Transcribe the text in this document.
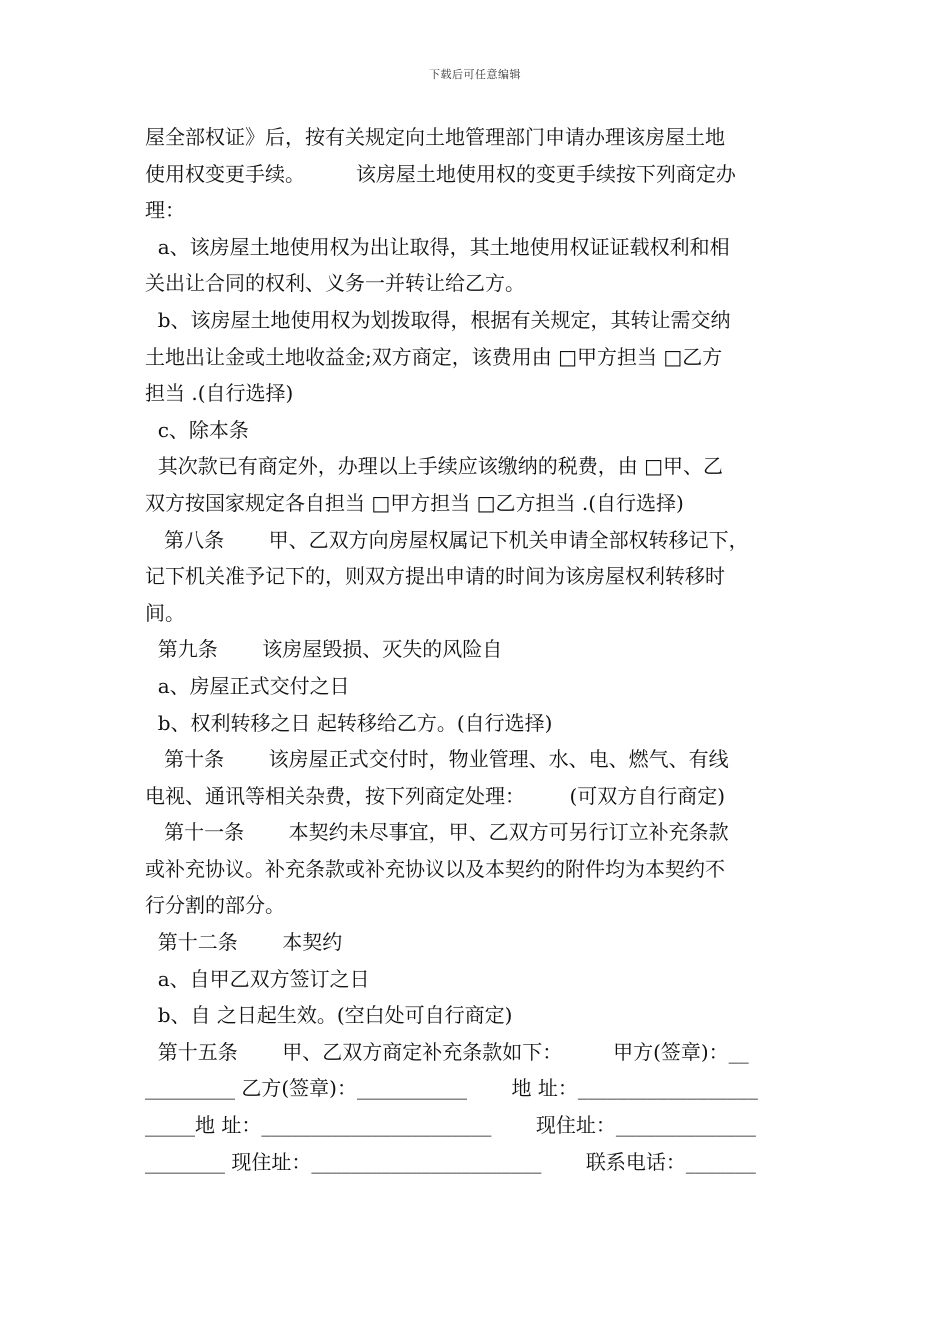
下载后可任意编辑
屋全部权证》后，按有关规定向土地管理部门申请办理该房屋土地
使用权变更手续。        该房屋土地使用权的变更手续按下列商定办
理：
a、该房屋土地使用权为出让取得，其土地使用权证证载权利和相
关出让合同的权利、义务一并转让给乙方。
b、该房屋土地使用权为划拨取得，根据有关规定，其转让需交纳
土地出让金或土地收益金;双方商定，该费用由 □甲方担当 □乙方
担当 .(自行选择)
c、除本条
其次款已有商定外，办理以上手续应该缴纳的税费，由 □甲、乙
双方按国家规定各自担当 □甲方担当 □乙方担当 .(自行选择)
第八条       甲、乙双方向房屋权属记下机关申请全部权转移记下，
记下机关准予记下的，则双方提出申请的时间为该房屋权利转移时
间。
第九条       该房屋毁损、灭失的风险自
a、房屋正式交付之日
b、权利转移之日 起转移给乙方。(自行选择)
第十条       该房屋正式交付时，物业管理、水、电、燃气、有线
电视、通讯等相关杂费，按下列商定处理：       (可双方自行商定)
第十一条       本契约未尽事宜，甲、乙双方可另行订立补充条款
或补充协议。补充条款或补充协议以及本契约的附件均为本契约不
行分割的部分。
第十二条       本契约
a、自甲乙双方签订之日
b、自 之日起生效。(空白处可自行商定)
第十五条       甲、乙双方商定补充条款如下：        甲方(签章)：__
_________ 乙方(签章)：___________       地 址：__________________
_____地 址：_______________________       现住址：______________
________ 现住址：_______________________       联系电话：_______
